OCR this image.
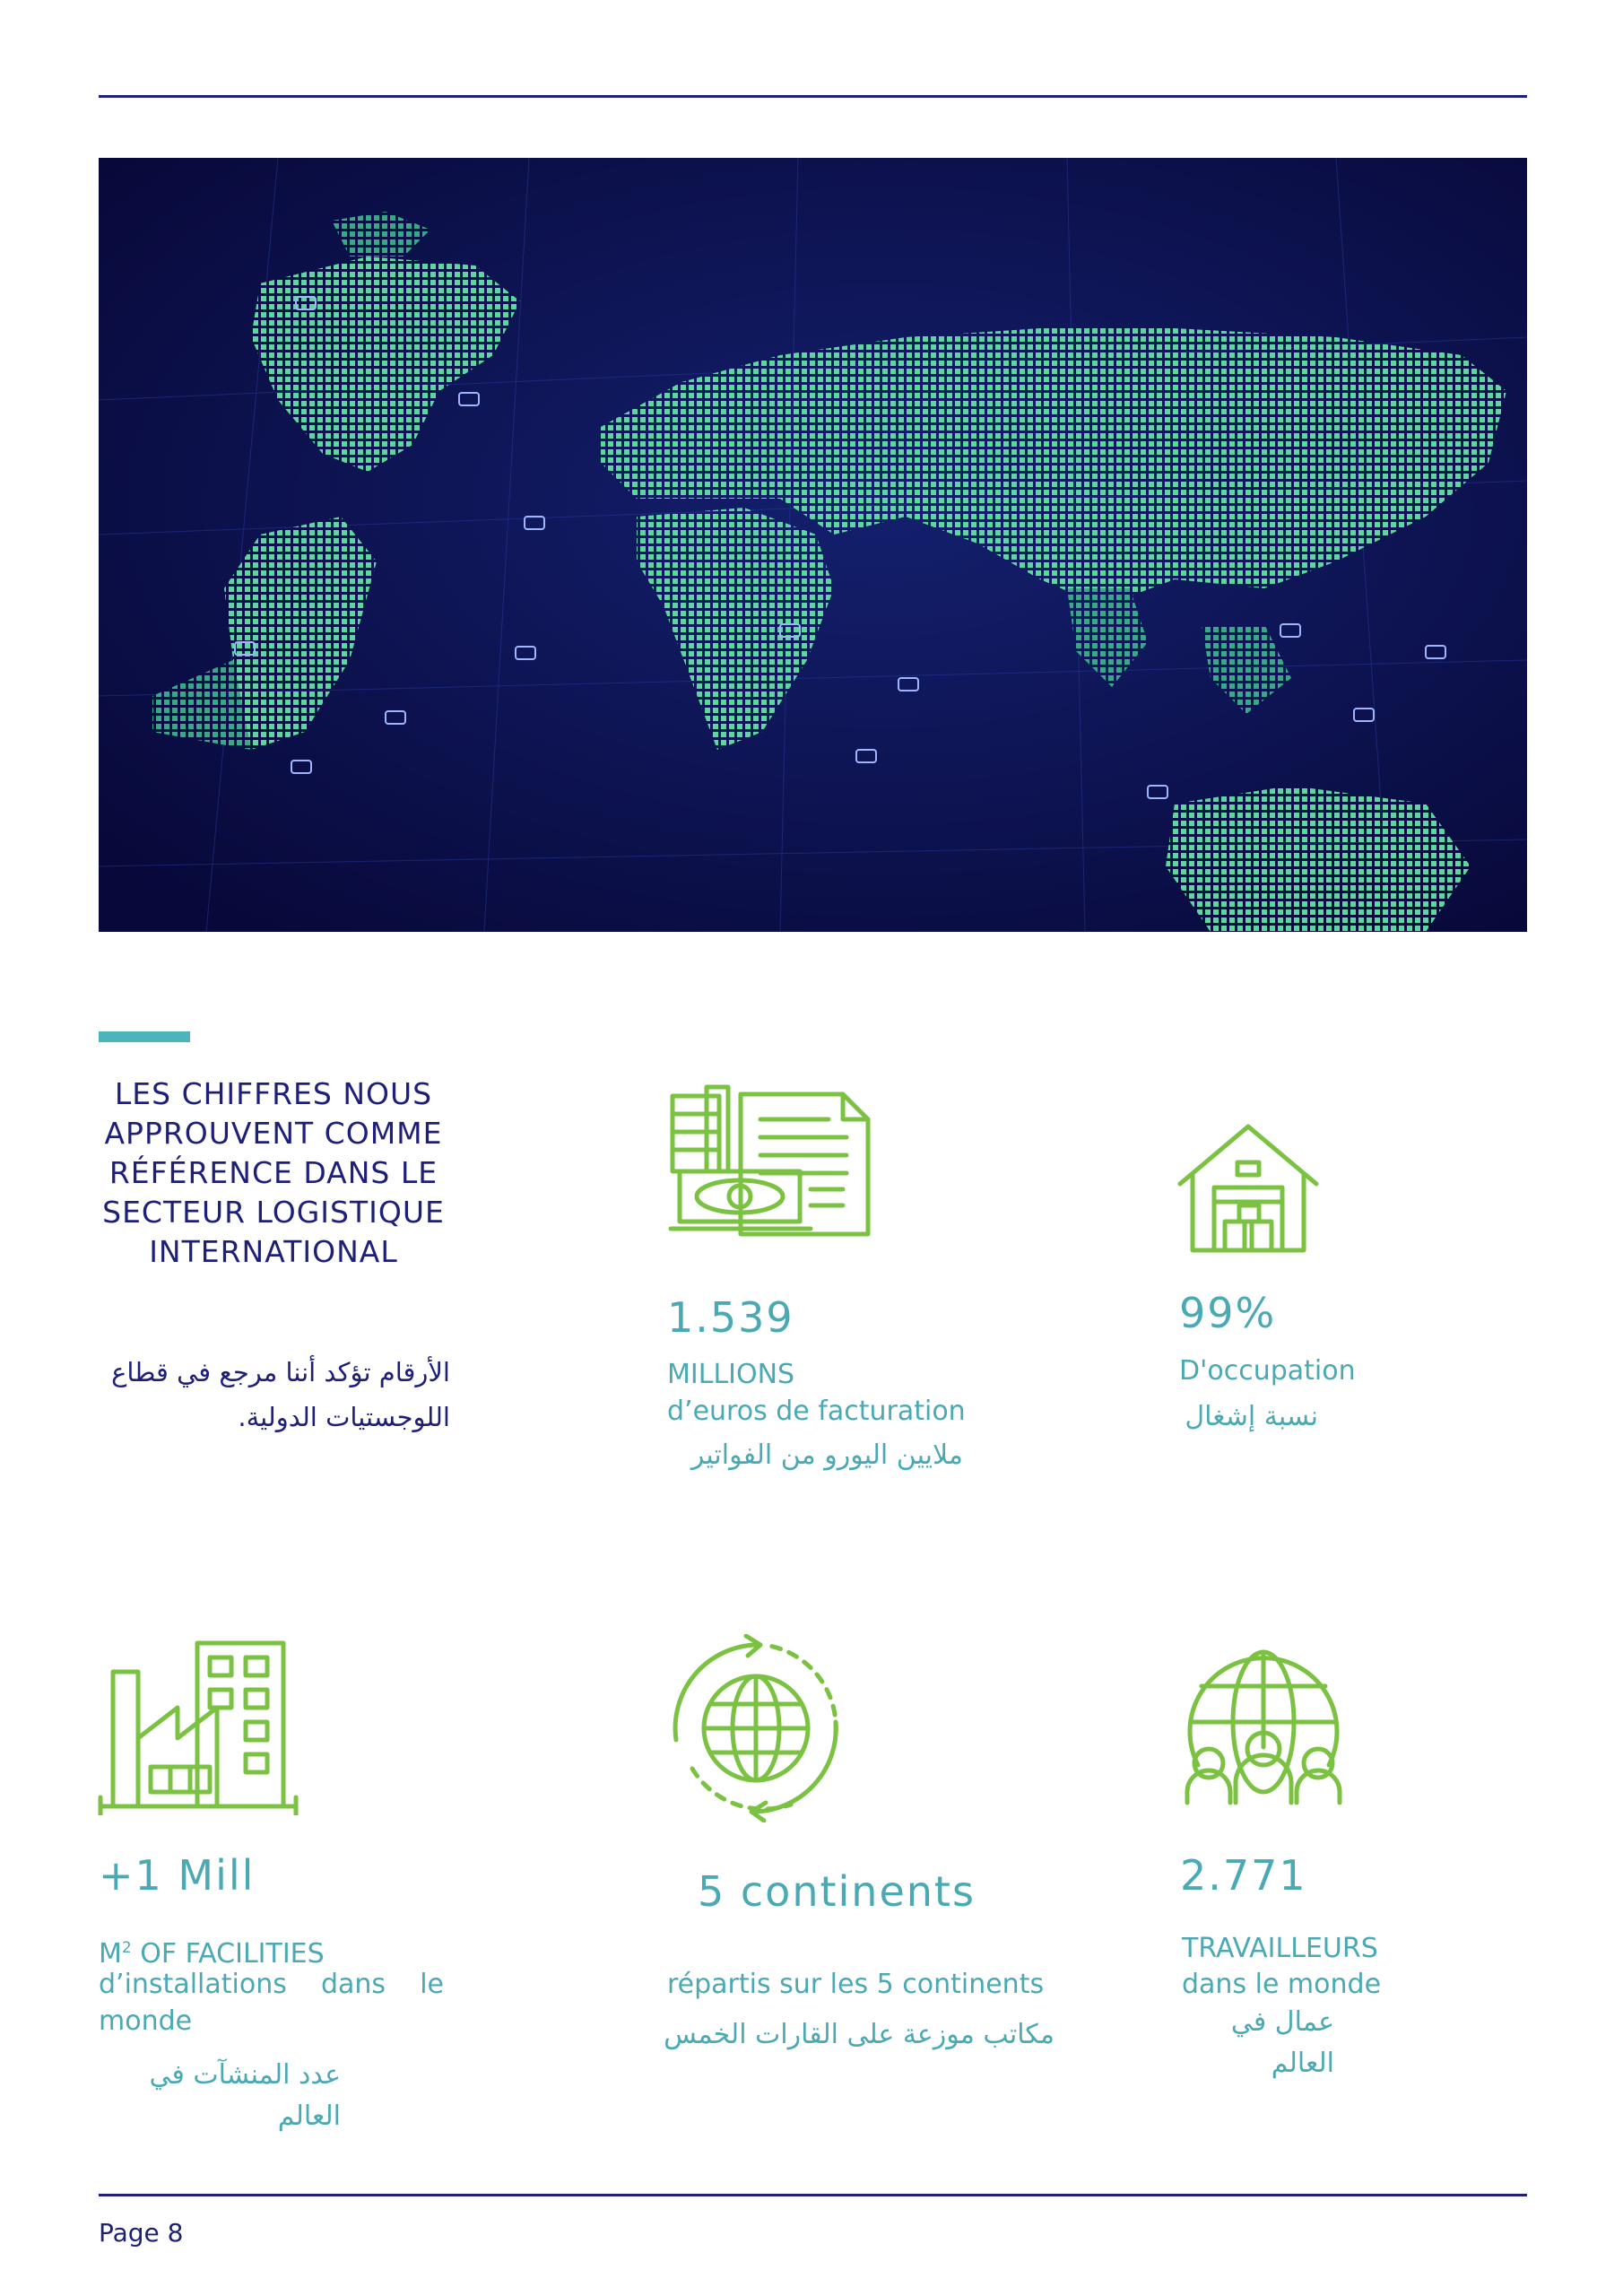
LES CHIFFRES NOUS APPROUVENT COMME RÉFÉRENCE DANS LE SECTEUR LOGISTIQUE INTERNATIONAL
الأرقام تؤكد أننا مرجع في قطاع اللوجستيات الدولية.
1.539
MILLIONS
d’euros de facturation
ملايين اليورو من الفواتير
99%
D'occupation
نسبة إشغال
+1 Mill
$M^2$ OF FACILITIES
d’installations dans le monde
عدد المنشآت في العالم
5 continents
répartis sur les 5 continents
مكاتب موزعة على القارات الخمس
2.771
TRAVAILLEURS
dans le monde
عمال في العالم
Page 8
